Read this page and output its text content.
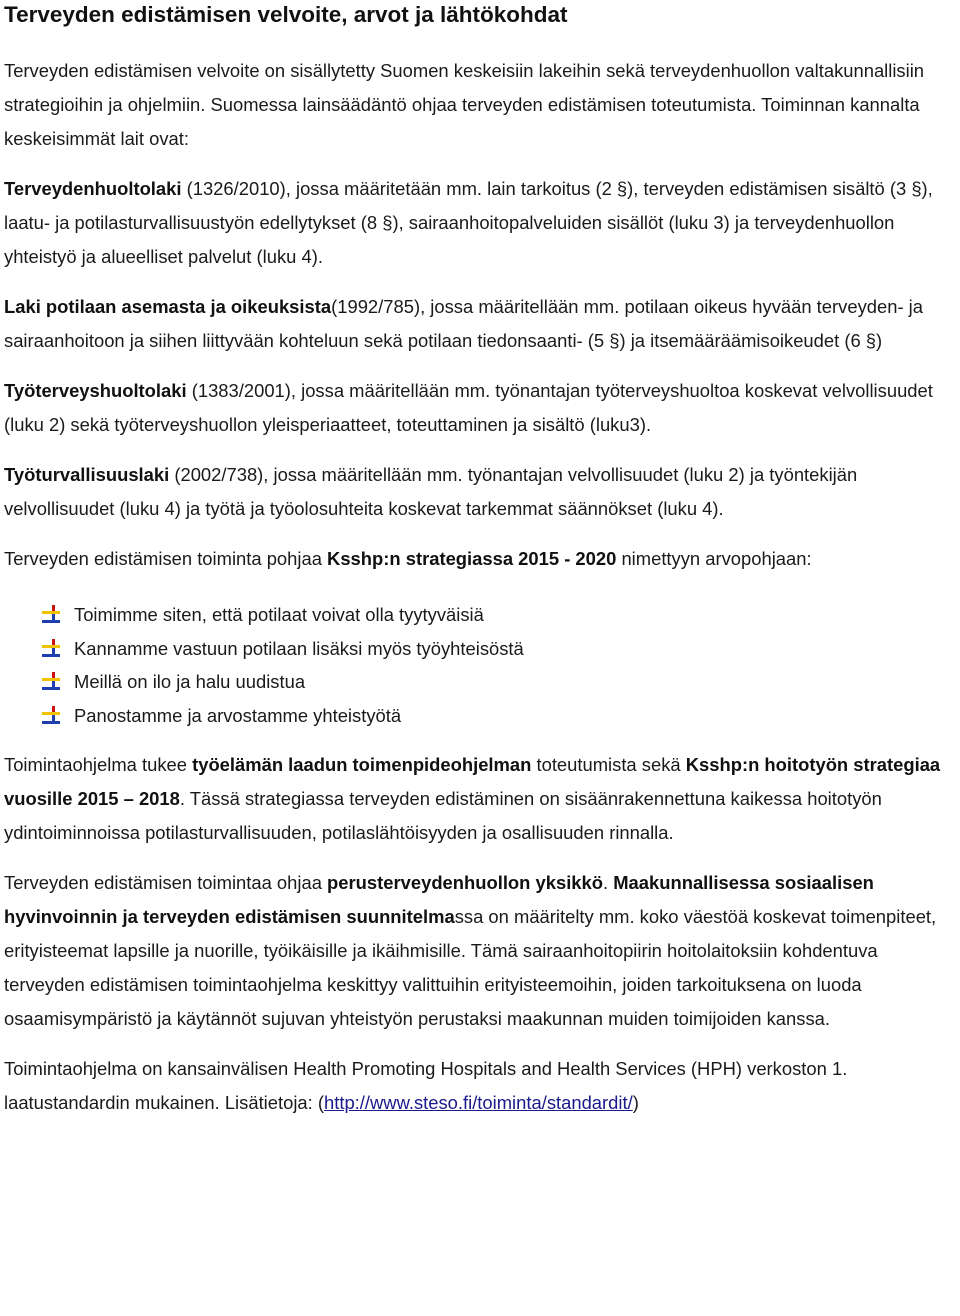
Terveyden edistämisen velvoite, arvot ja lähtökohdat

Terveyden edistämisen velvoite on sisällytetty Suomen keskeisiin lakeihin sekä terveydenhuollon valtakunnallisiin strategioihin ja ohjelmiin. Suomessa lainsäädäntö ohjaa terveyden edistämisen toteutumista. Toiminnan kannalta keskeisimmät lait ovat:

Terveydenhuoltolaki (1326/2010), jossa määritetään mm. lain tarkoitus (2 §), terveyden edistämisen sisältö (3 §), laatu- ja potilasturvallisuustyön edellytykset (8 §), sairaanhoitopalveluiden sisällöt (luku 3) ja terveydenhuollon yhteistyö ja alueelliset palvelut (luku 4).

Laki potilaan asemasta ja oikeuksista(1992/785), jossa määritellään mm. potilaan oikeus hyvään terveyden- ja sairaanhoitoon ja siihen liittyvään kohteluun sekä potilaan tiedonsaanti- (5 §) ja itsemääräämisoikeudet (6 §)

Työterveyshuoltolaki (1383/2001), jossa määritellään mm. työnantajan työterveyshuoltoa koskevat velvollisuudet (luku 2) sekä työterveyshuollon yleisperiaatteet, toteuttaminen ja sisältö (luku3).

Työturvallisuuslaki (2002/738), jossa määritellään mm. työnantajan velvollisuudet (luku 2) ja työntekijän velvollisuudet (luku 4) ja työtä ja työolosuhteita koskevat tarkemmat säännökset (luku 4).

Terveyden edistämisen toiminta pohjaa Ksshp:n strategiassa 2015 - 2020 nimettyyn arvopohjaan:

Toimimme siten, että potilaat voivat olla tyytyväisiä
Kannamme vastuun potilaan lisäksi myös työyhteisöstä
Meillä on ilo ja halu uudistua
Panostamme ja arvostamme yhteistyötä

Toimintaohjelma tukee työelämän laadun toimenpideohjelman toteutumista sekä Ksshp:n hoitotyön strategiaa vuosille 2015 – 2018. Tässä strategiassa terveyden edistäminen on sisäänrakennettuna kaikessa hoitotyön ydintoiminnoissa potilasturvallisuuden, potilaslähtöisyyden ja osallisuuden rinnalla.

Terveyden edistämisen toimintaa ohjaa perusterveydenhuollon yksikkö. Maakunnallisessa sosiaalisen hyvinvoinnin ja terveyden edistämisen suunnitelmassa on määritelty mm. koko väestöä koskevat toimenpiteet, erityisteemat lapsille ja nuorille, työikäisille ja ikäihmisille. Tämä sairaanhoitopiirin hoitolaitoksiin kohdentuva terveyden edistämisen toimintaohjelma keskittyy valittuihin erityisteemoihin, joiden tarkoituksena on luoda osaamisympäristö ja käytännöt sujuvan yhteistyön perustaksi maakunnan muiden toimijoiden kanssa.

Toimintaohjelma on kansainvälisen Health Promoting Hospitals and Health Services (HPH) verkoston 1. laatustandardin mukainen. Lisätietoja: (http://www.steso.fi/toiminta/standardit/)
